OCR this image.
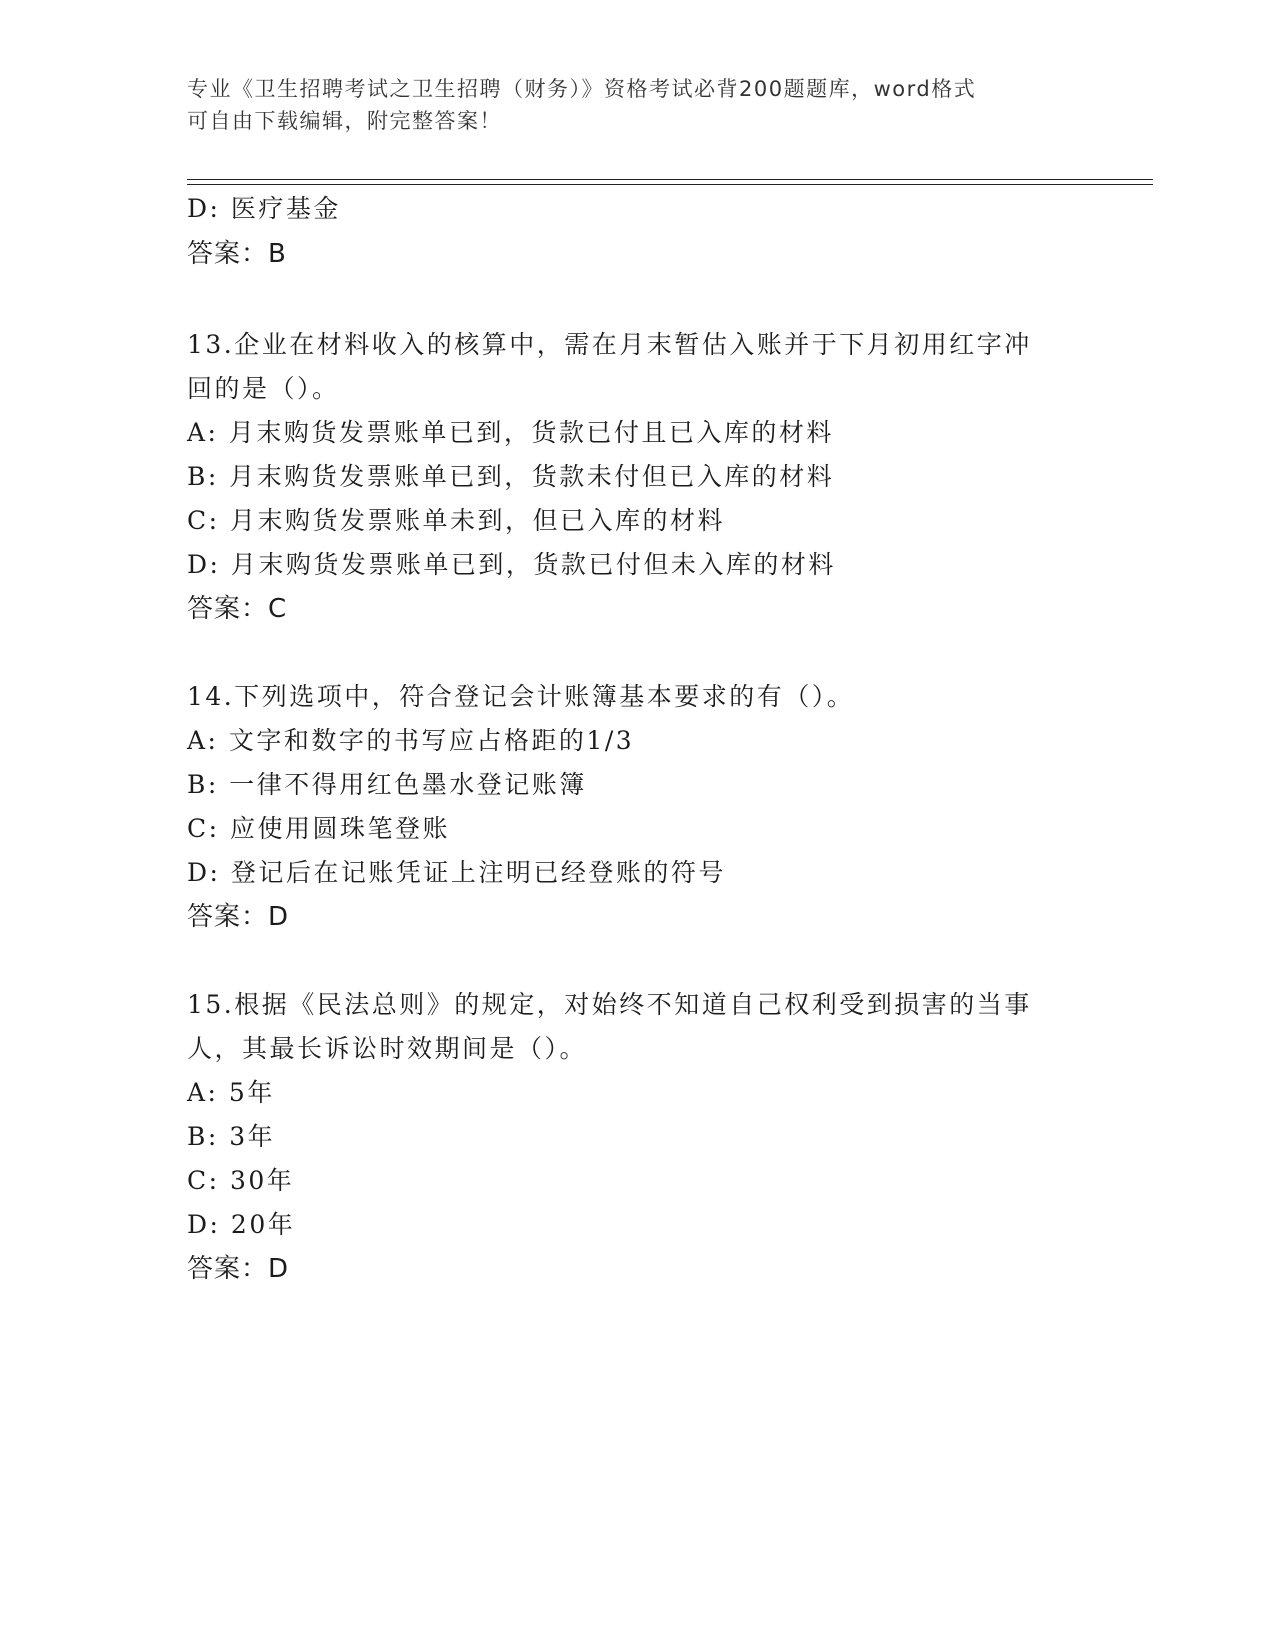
专业《卫生招聘考试之卫生招聘（财务）》资格考试必背200题题库，word格式
可自由下载编辑，附完整答案！
D: 医疗基金
答案：B
13.企业在材料收入的核算中，需在月末暂估入账并于下月初用红字冲
回的是（）。
A: 月末购货发票账单已到，货款已付且已入库的材料
B: 月末购货发票账单已到，货款未付但已入库的材料
C: 月末购货发票账单未到，但已入库的材料
D: 月末购货发票账单已到，货款已付但未入库的材料
答案：C
14.下列选项中，符合登记会计账簿基本要求的有（）。
A: 文字和数字的书写应占格距的1/3
B: 一律不得用红色墨水登记账簿
C: 应使用圆珠笔登账
D: 登记后在记账凭证上注明已经登账的符号
答案：D
15.根据《民法总则》的规定，对始终不知道自己权利受到损害的当事
人，其最长诉讼时效期间是（）。
A: 5年
B: 3年
C: 30年
D: 20年
答案：D
